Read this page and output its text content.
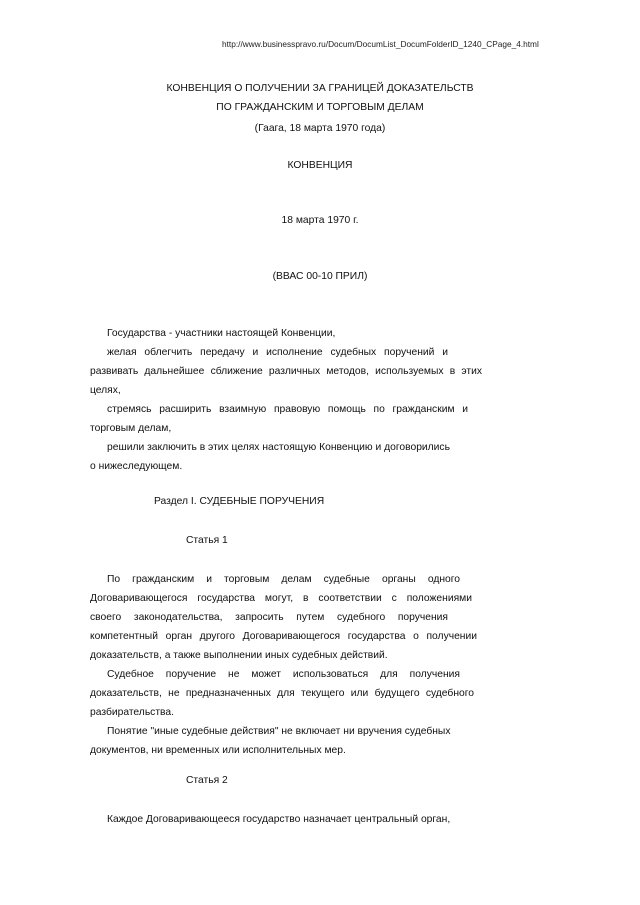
http://www.businesspravo.ru/Docum/DocumList_DocumFolderID_1240_CPage_4.html
КОНВЕНЦИЯ О ПОЛУЧЕНИИ ЗА ГРАНИЦЕЙ ДОКАЗАТЕЛЬСТВ
ПО ГРАЖДАНСКИМ И ТОРГОВЫМ ДЕЛАМ
(Гаага, 18 марта 1970 года)
КОНВЕНЦИЯ
18 марта 1970 г.
(ВВАС 00-10 ПРИЛ)
Государства - участники настоящей Конвенции,
желая облегчить передачу и исполнение судебных поручений и
развивать дальнейшее сближение различных методов, используемых в этих
целях,
стремясь расширить взаимную правовую помощь по гражданским и
торговым делам,
решили заключить в этих целях настоящую Конвенцию и договорились
о нижеследующем.
Раздел I. СУДЕБНЫЕ ПОРУЧЕНИЯ
Статья 1
По гражданским и торговым делам судебные органы одного
Договаривающегося государства могут, в соответствии с положениями
своего законодательства, запросить путем судебного поручения
компетентный орган другого Договаривающегося государства о получении
доказательств, а также выполнении иных судебных действий.
Судебное поручение не может использоваться для получения
доказательств, не предназначенных для текущего или будущего судебного
разбирательства.
Понятие "иные судебные действия" не включает ни вручения судебных
документов, ни временных или исполнительных мер.
Статья 2
Каждое Договаривающееся государство назначает центральный орган,
